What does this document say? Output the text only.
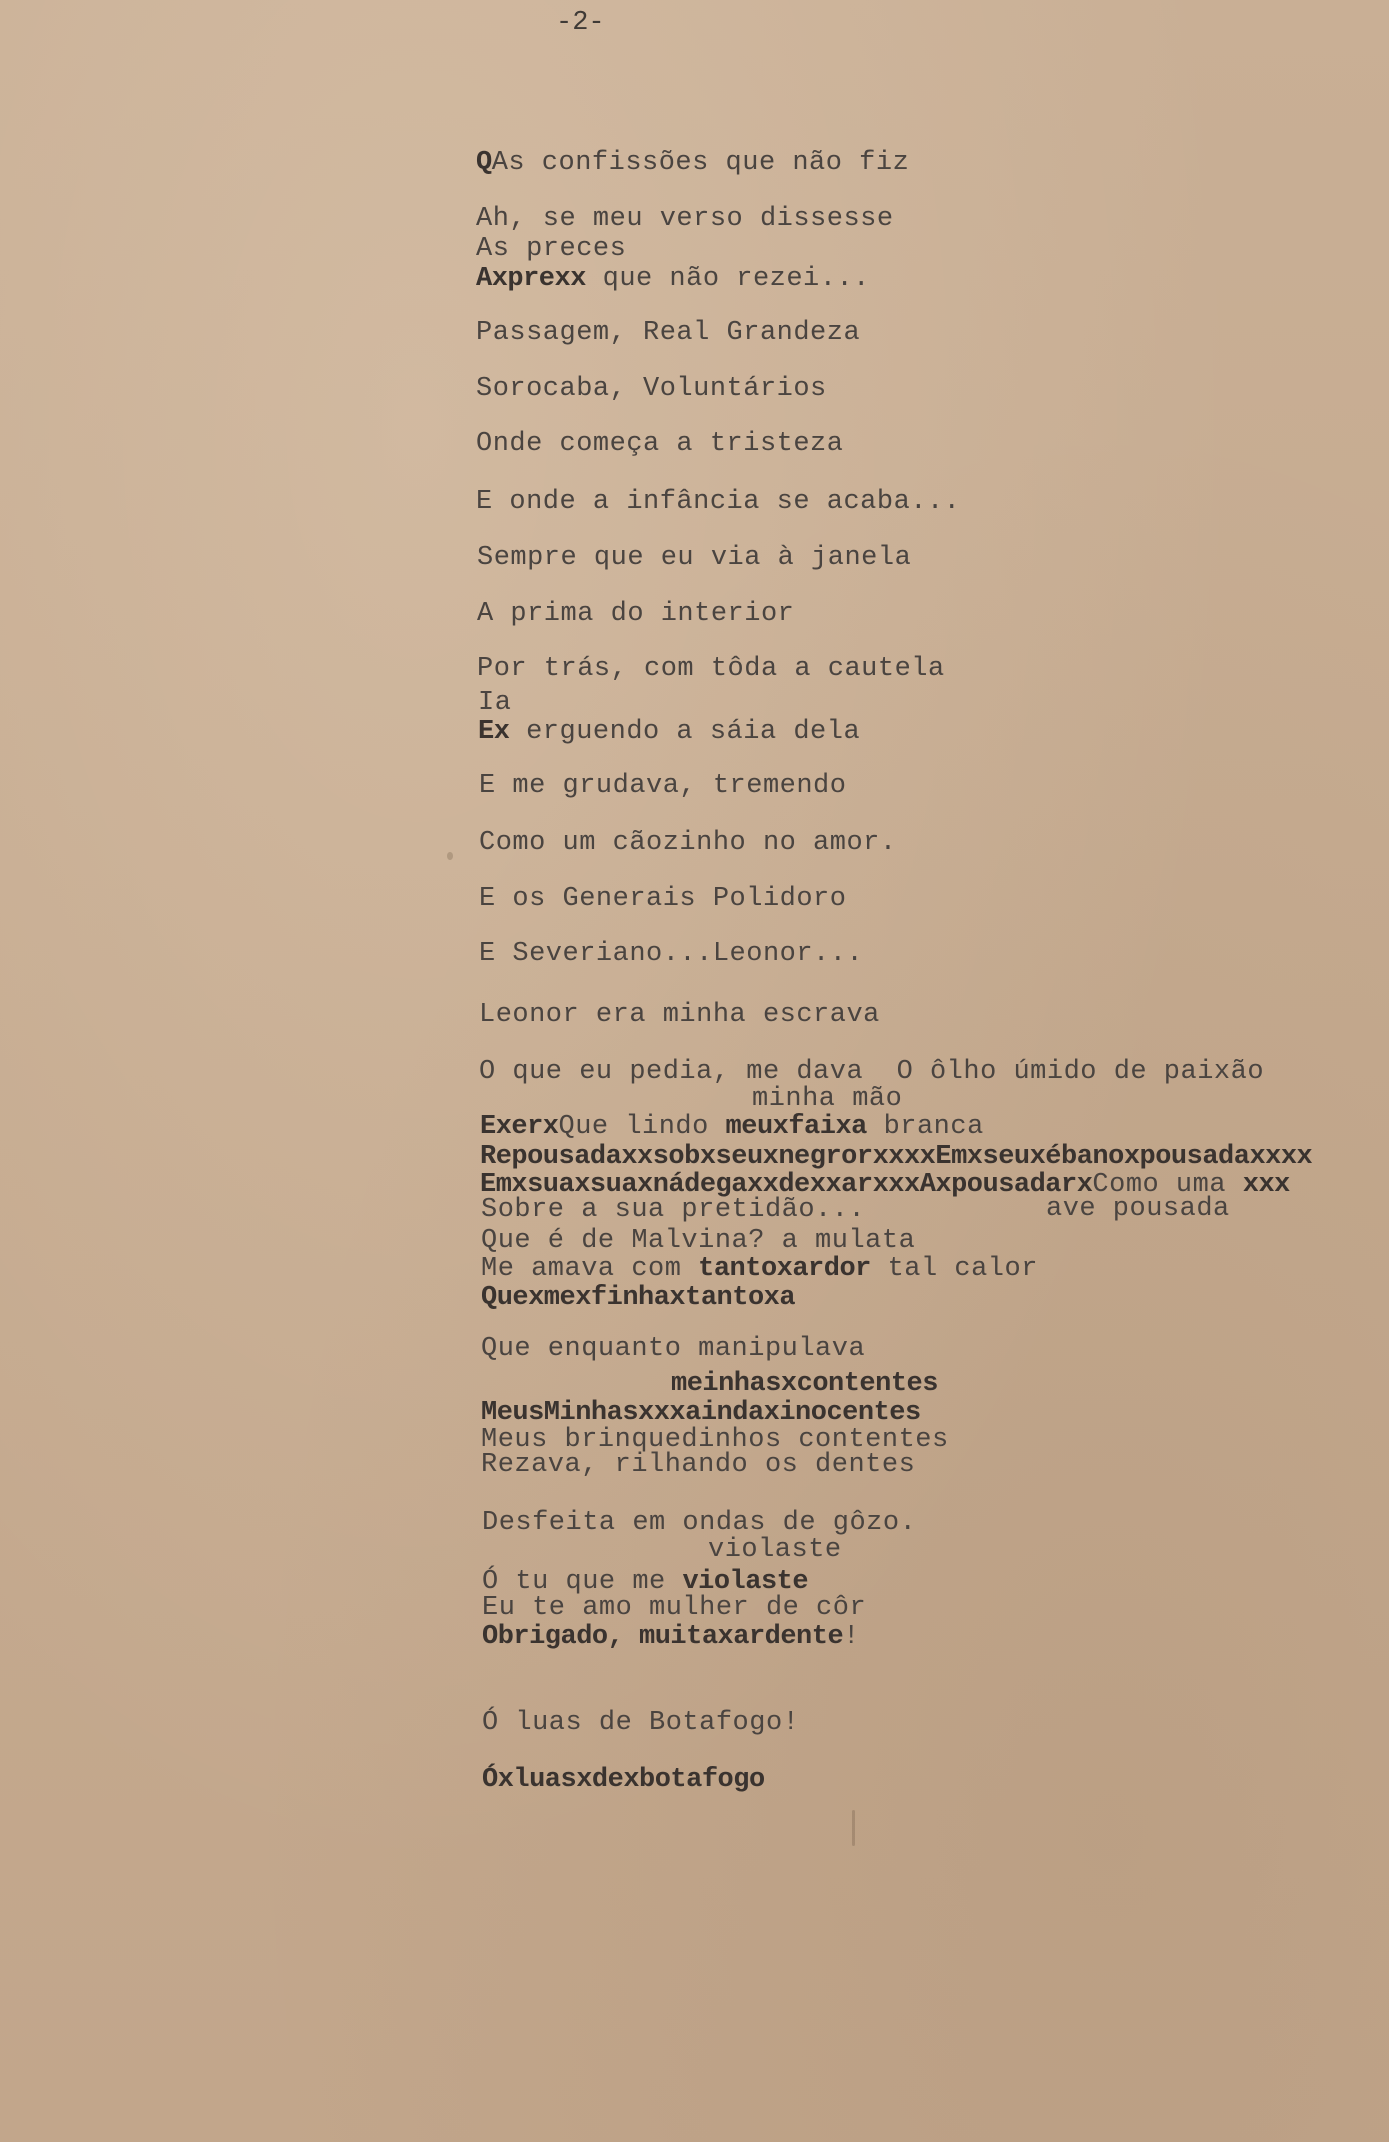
-2-
QAs confissões que não fiz
Ah, se meu verso dissesse
As preces
Axprexx que não rezei...
Passagem, Real Grandeza
Sorocaba, Voluntários
Onde começa a tristeza
E onde a infância se acaba...
Sempre que eu via à janela
A prima do interior
Por trás, com tôda a cautela
Ia
Ex erguendo a sáia dela
E me grudava, tremendo
Como um cãozinho no amor.
E os Generais Polidoro
E Severiano...Leonor...
Leonor era minha escrava
O que eu pedia, me dava  O ôlho úmido de paixão
minha mão
ExerxQue lindo meuxfaixa branca
RepousadaxxsobxseuxnegrorxxxxEmxseuxébanoxpousadaxxxx
EmxsuaxsuaxnádegaxxdexxarxxxAxpousadarxComo uma xxx
Sobre a sua pretidão...	ave pousada
Que é de Malvina? a mulata
Me amava com tantoxardor tal calor
Quexmexfinhaxtantoxa
Que enquanto manipulava
meinhasxcontentes
MeusMinhasxxxaindaxinocentes
Meus brinquedinhos contentes
Rezava, rilhando os dentes
Desfeita em ondas de gôzo.
violaste
Ó tu que me violaste
Eu te amo mulher de côr
Obrigado, muitaxardente!
Ó luas de Botafogo!
Óxluasxdexbotafogo
